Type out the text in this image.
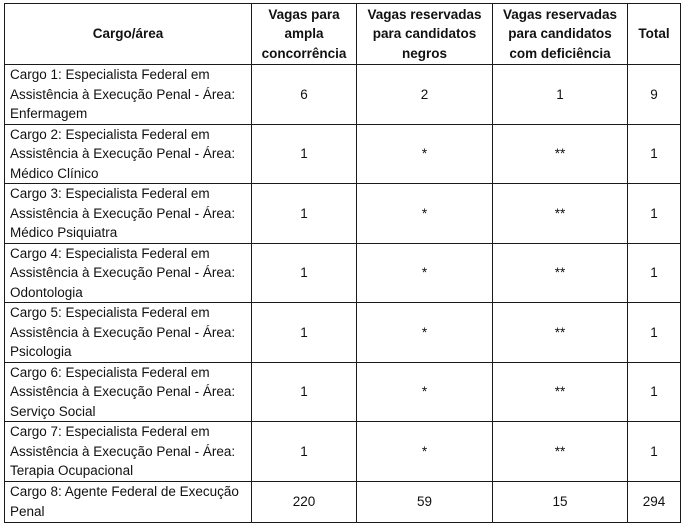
Cargo/área	Vagas para ampla concorrência	Vagas reservadas para candidatos negros	Vagas reservadas para candidatos com deficiência	Total
Cargo 1: Especialista Federal em Assistência à Execução Penal - Área: Enfermagem	6	2	1	9
Cargo 2: Especialista Federal em Assistência à Execução Penal - Área: Médico Clínico	1	*	**	1
Cargo 3: Especialista Federal em Assistência à Execução Penal - Área: Médico Psiquiatra	1	*	**	1
Cargo 4: Especialista Federal em Assistência à Execução Penal - Área: Odontologia	1	*	**	1
Cargo 5: Especialista Federal em Assistência à Execução Penal - Área: Psicologia	1	*	**	1
Cargo 6: Especialista Federal em Assistência à Execução Penal - Área: Serviço Social	1	*	**	1
Cargo 7: Especialista Federal em Assistência à Execução Penal - Área: Terapia Ocupacional	1	*	**	1
Cargo 8: Agente Federal de Execução Penal	220	59	15	294
